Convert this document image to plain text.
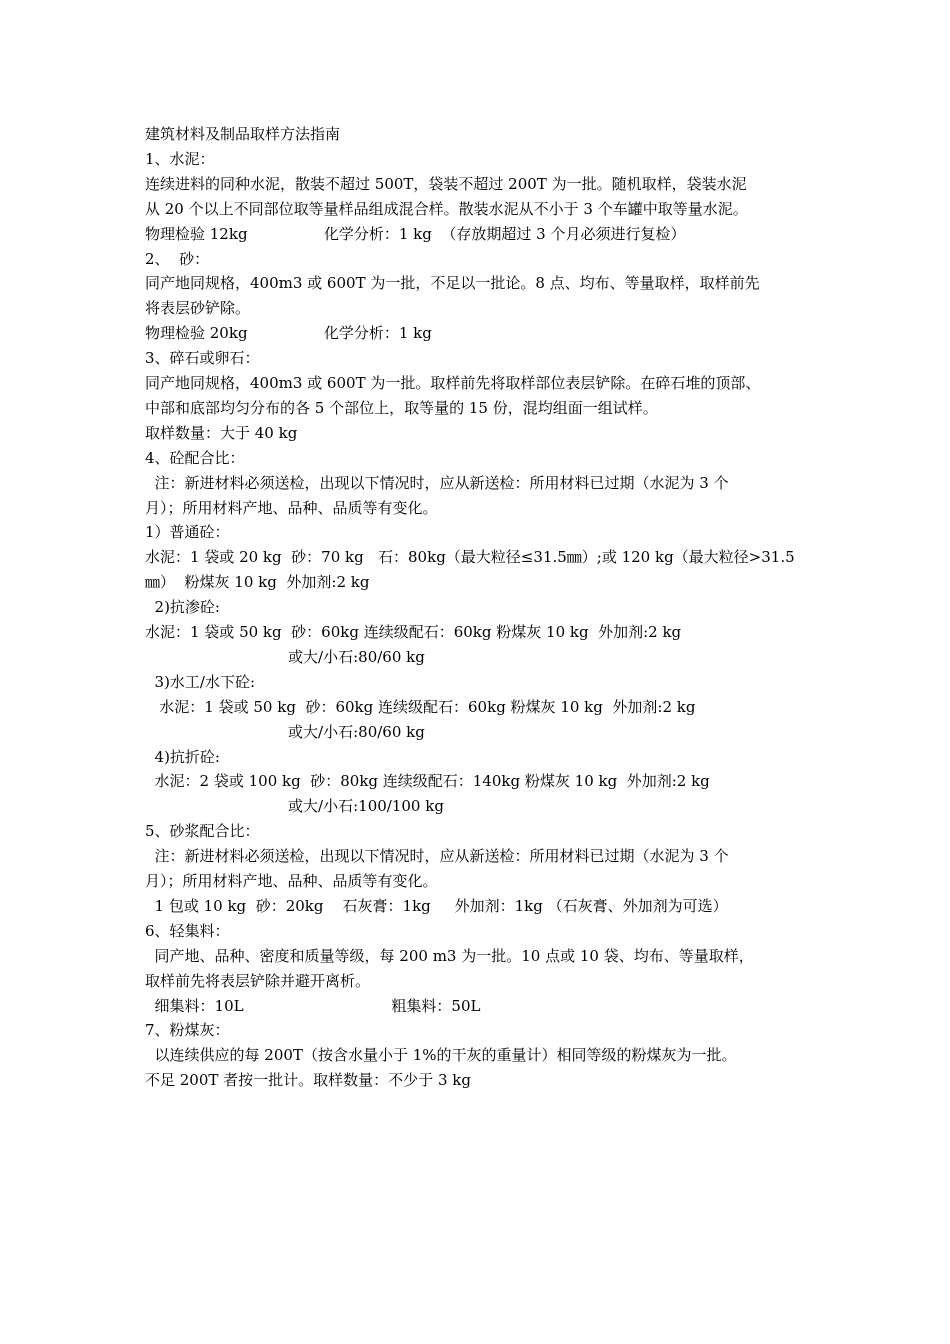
建筑材料及制品取样方法指南
1、水泥：
连续进料的同种水泥，散装不超过 500T，袋装不超过 200T 为一批。随机取样，袋装水泥
从 20 个以上不同部位取等量样品组成混合样。散装水泥从不小于 3 个车罐中取等量水泥。
物理检验 12kg                化学分析：1 kg  （存放期超过 3 个月必须进行复检）
2、  砂：
同产地同规格，400m3 或 600T 为一批，不足以一批论。8 点、均布、等量取样，取样前先
将表层砂铲除。
物理检验 20kg                化学分析：1 kg
3、碎石或卵石：
同产地同规格，400m3 或 600T 为一批。取样前先将取样部位表层铲除。在碎石堆的顶部、
中部和底部均匀分布的各 5 个部位上，取等量的 15 份，混均组面一组试样。
取样数量：大于 40 kg
4、砼配合比：
注：新进材料必须送检，出现以下情况时，应从新送检：所用材料已过期（水泥为 3 个
月）；所用材料产地、品种、品质等有变化。
1）普通砼：
水泥：1 袋或 20 kg  砂：70 kg   石：80kg（最大粒径≤31.5㎜）;或 120 kg（最大粒径>31.5
㎜）  粉煤灰 10 kg  外加剂:2 kg
2)抗渗砼:
水泥：1 袋或 50 kg  砂：60kg 连续级配石：60kg 粉煤灰 10 kg  外加剂:2 kg
或大/小石:80/60 kg
3)水工/水下砼:
水泥：1 袋或 50 kg  砂：60kg 连续级配石：60kg 粉煤灰 10 kg  外加剂:2 kg
或大/小石:80/60 kg
4)抗折砼:
水泥：2 袋或 100 kg  砂：80kg 连续级配石：140kg 粉煤灰 10 kg  外加剂:2 kg
或大/小石:100/100 kg
5、砂浆配合比：
注：新进材料必须送检，出现以下情况时，应从新送检：所用材料已过期（水泥为 3 个
月）；所用材料产地、品种、品质等有变化。
1 包或 10 kg  砂：20kg    石灰膏：1kg     外加剂：1kg （石灰膏、外加剂为可选）
6、轻集料：
同产地、品种、密度和质量等级，每 200 m3 为一批。10 点或 10 袋、均布、等量取样，
取样前先将表层铲除并避开离析。
细集料：10L                               粗集料：50L
7、粉煤灰：
以连续供应的每 200T（按含水量小于 1%的干灰的重量计）相同等级的粉煤灰为一批。
不足 200T 者按一批计。取样数量：不少于 3 kg
